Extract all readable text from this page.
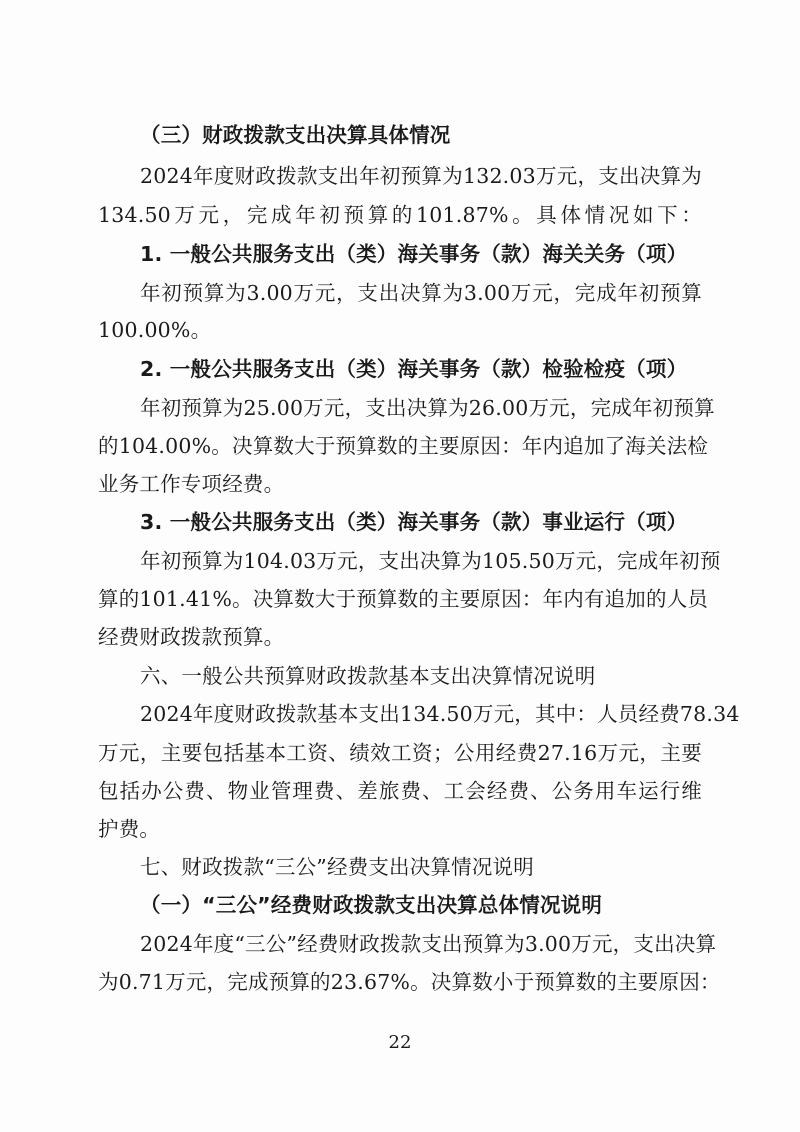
（三）财政拨款支出决算具体情况
2024年度财政拨款支出年初预算为132.03万元，支出决算为
134.50万元，完成年初预算的101.87%。具体情况如下：
1. 一般公共服务支出（类）海关事务（款）海关关务（项）
年初预算为3.00万元，支出决算为3.00万元，完成年初预算
100.00%。
2. 一般公共服务支出（类）海关事务（款）检验检疫（项）
年初预算为25.00万元，支出决算为26.00万元，完成年初预算
的104.00%。决算数大于预算数的主要原因：年内追加了海关法检
业务工作专项经费。
3. 一般公共服务支出（类）海关事务（款）事业运行（项）
年初预算为104.03万元，支出决算为105.50万元，完成年初预
算的101.41%。决算数大于预算数的主要原因：年内有追加的人员
经费财政拨款预算。
六、一般公共预算财政拨款基本支出决算情况说明
2024年度财政拨款基本支出134.50万元，其中：人员经费78.34
万元，主要包括基本工资、绩效工资；公用经费27.16万元，主要
包括办公费、物业管理费、差旅费、工会经费、公务用车运行维
护费。
七、财政拨款“三公”经费支出决算情况说明
（一）“三公”经费财政拨款支出决算总体情况说明
2024年度“三公”经费财政拨款支出预算为3.00万元，支出决算
为0.71万元，完成预算的23.67%。决算数小于预算数的主要原因：
22
